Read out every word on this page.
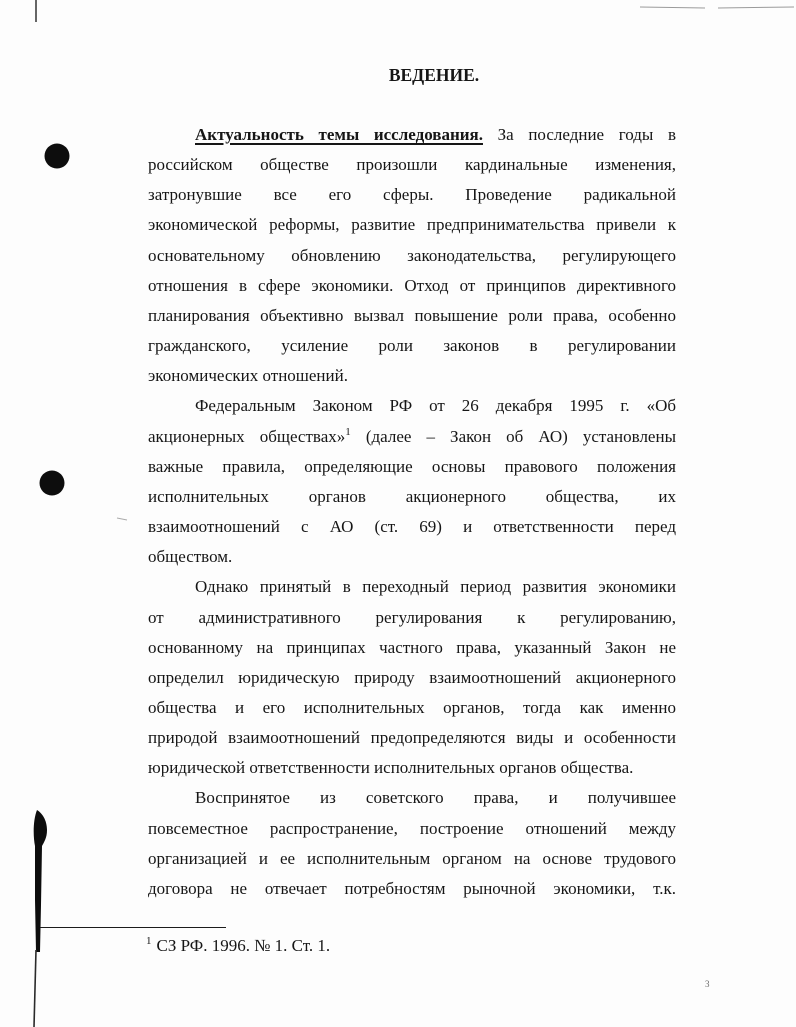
ВЕДЕНИЕ.
Актуальность темы исследования. За последние годы в
российском обществе произошли кардинальные изменения,
затронувшие все его сферы. Проведение радикальной
экономической реформы, развитие предпринимательства привели к
основательному обновлению законодательства, регулирующего
отношения в сфере экономики. Отход от принципов директивного
планирования объективно вызвал повышение роли права, особенно
гражданского, усиление роли законов в регулировании
экономических отношений.
Федеральным Законом РФ от 26 декабря 1995 г. «Об
акционерных обществах»$^1$ (далее – Закон об АО) установлены
важные правила, определяющие основы правового положения
исполнительных органов акционерного общества, их
взаимоотношений с АО (ст. 69) и ответственности перед
обществом.
Однако принятый в переходный период развития экономики
от административного регулирования к регулированию,
основанному на принципах частного права, указанный Закон не
определил юридическую природу взаимоотношений акционерного
общества и его исполнительных органов, тогда как именно
природой взаимоотношений предопределяются виды и особенности
юридической ответственности исполнительных органов общества.
Воспринятое из советского права, и получившее
повсеместное распространение, построение отношений между
организацией и ее исполнительным органом на основе трудового
договора не отвечает потребностям рыночной экономики, т.к.
$^1$ СЗ РФ. 1996. № 1. Ст. 1.
3
